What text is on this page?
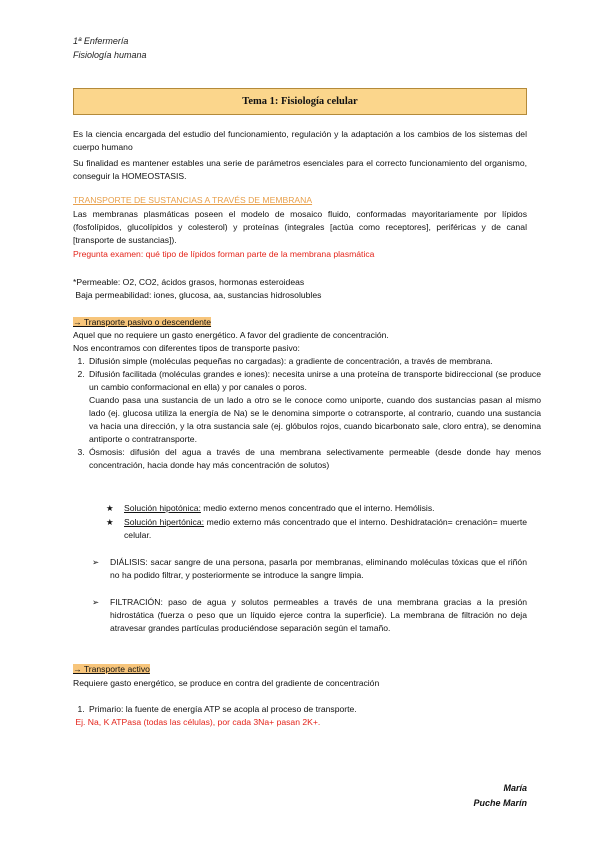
1ª Enfermería
Fisiología humana
Tema 1: Fisiología celular
Es la ciencia encargada del estudio del funcionamiento, regulación y la adaptación a los cambios de los sistemas del cuerpo humano
Su finalidad es mantener estables una serie de parámetros esenciales para el correcto funcionamiento del organismo, conseguir la HOMEOSTASIS.
TRANSPORTE DE SUSTANCIAS A TRAVÉS DE MEMBRANA
Las membranas plasmáticas poseen el modelo de mosaico fluido, conformadas mayoritariamente por lípidos (fosfolípidos, glucolípidos y colesterol) y proteínas (integrales [actúa como receptores], periféricas y de canal [transporte de sustancias]).
Pregunta examen: qué tipo de lípidos forman parte de la membrana plasmática
*Permeable: O2, CO2, ácidos grasos, hormonas esteroideas
Baja permeabilidad: iones, glucosa, aa, sustancias hidrosolubles
→ Transporte pasivo o descendente
Aquel que no requiere un gasto energético. A favor del gradiente de concentración.
Nos encontramos con diferentes tipos de transporte pasivo:
1. Difusión simple (moléculas pequeñas no cargadas): a gradiente de concentración, a través de membrana.
2. Difusión facilitada (moléculas grandes e iones): necesita unirse a una proteína de transporte bidireccional (se produce un cambio conformacional en ella) y por canales o poros.
Cuando pasa una sustancia de un lado a otro se le conoce como uniporte, cuando dos sustancias pasan al mismo lado (ej. glucosa utiliza la energía de Na) se le denomina simporte o cotransporte, al contrario, cuando una sustancia va hacia una dirección, y la otra sustancia sale (ej. glóbulos rojos, cuando bicarbonato sale, cloro entra), se denomina antiporte o contratransporte.
3. Ósmosis: difusión del agua a través de una membrana selectivamente permeable (desde donde hay menos concentración, hacia donde hay más concentración de solutos)
★ Solución hipotónica: medio externo menos concentrado que el interno. Hemólisis.
★ Solución hipertónica: medio externo más concentrado que el interno. Deshidratación= crenación= muerte celular.
➢ DIÁLISIS: sacar sangre de una persona, pasarla por membranas, eliminando moléculas tóxicas que el riñón no ha podido filtrar, y posteriormente se introduce la sangre limpia.
➢ FILTRACIÓN: paso de agua y solutos permeables a través de una membrana gracias a la presión hidrostática (fuerza o peso que un líquido ejerce contra la superficie). La membrana de filtración no deja atravesar grandes partículas produciéndose separación según el tamaño.
→ Transporte activo
Requiere gasto energético, se produce en contra del gradiente de concentración
1. Primario: la fuente de energía ATP se acopla al proceso de transporte.
Ej. Na, K ATPasa (todas las células), por cada 3Na+ pasan 2K+.
María
Puche Marín
